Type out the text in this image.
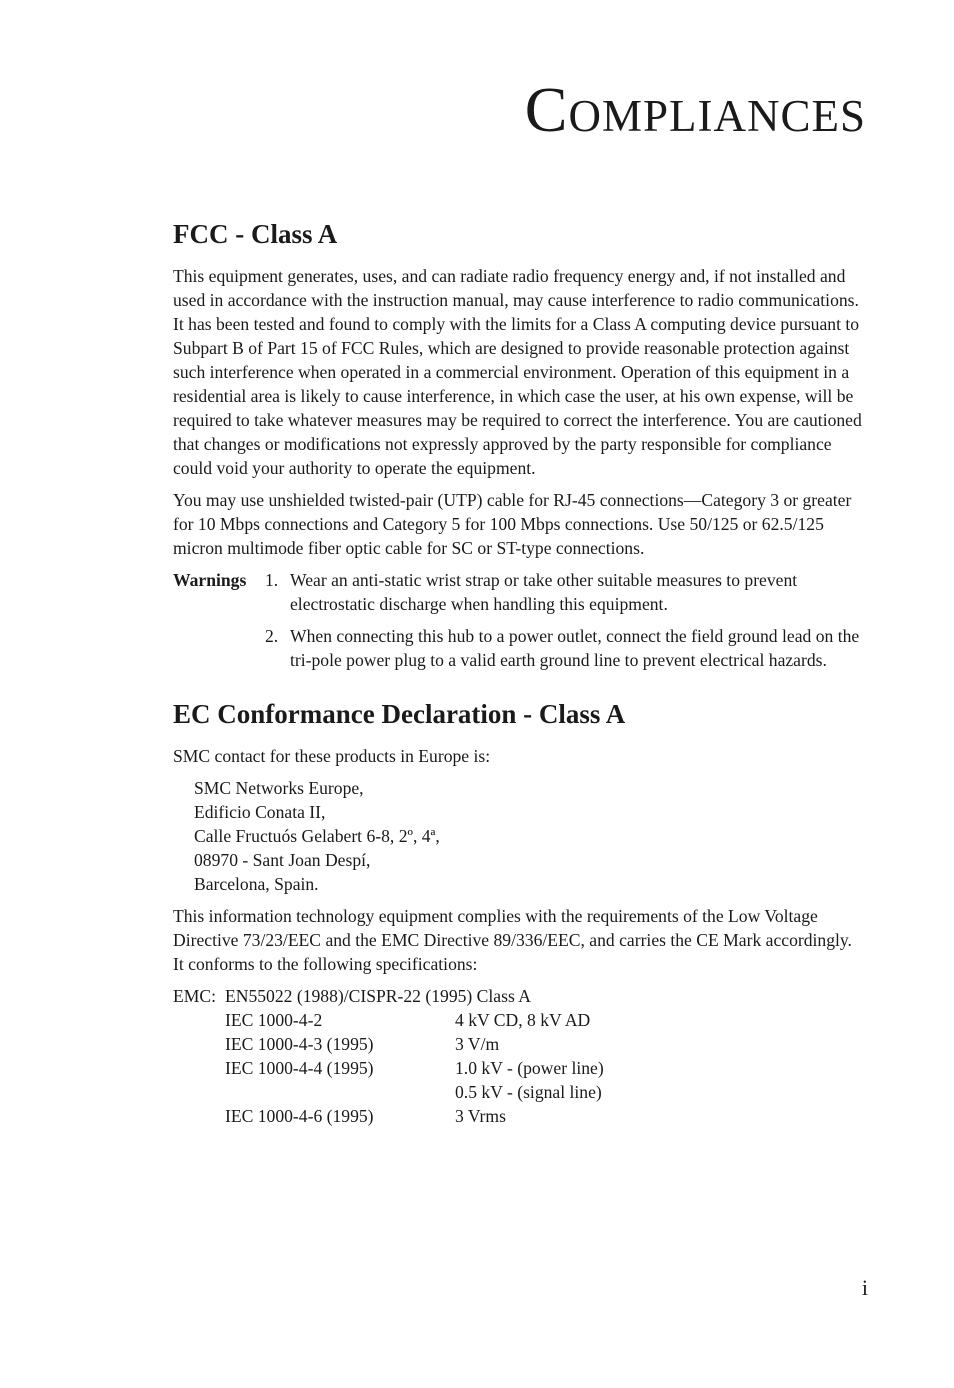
Compliances
FCC - Class A

This equipment generates, uses, and can radiate radio frequency energy and, if not installed and used in accordance with the instruction manual, may cause interference to radio communications. It has been tested and found to comply with the limits for a Class A computing device pursuant to Subpart B of Part 15 of FCC Rules, which are designed to provide reasonable protection against such interference when operated in a commercial environment. Operation of this equipment in a residential area is likely to cause interference, in which case the user, at his own expense, will be required to take whatever measures may be required to correct the interference. You are cautioned that changes or modifications not expressly approved by the party responsible for compliance could void your authority to operate the equipment.

You may use unshielded twisted-pair (UTP) cable for RJ-45 connections—Category 3 or greater for 10 Mbps connections and Category 5 for 100 Mbps connections. Use 50/125 or 62.5/125 micron multimode fiber optic cable for SC or ST-type connections.

Warnings	1. Wear an anti-static wrist strap or take other suitable measures to prevent electrostatic discharge when handling this equipment.
2. When connecting this hub to a power outlet, connect the field ground lead on the tri-pole power plug to a valid earth ground line to prevent electrical hazards.
EC Conformance Declaration - Class A

SMC contact for these products in Europe is:

SMC Networks Europe,
Edificio Conata II,
Calle Fructuós Gelabert 6-8, 2º, 4ª,
08970 - Sant Joan Despí,
Barcelona, Spain.

This information technology equipment complies with the requirements of the Low Voltage Directive 73/23/EEC and the EMC Directive 89/336/EEC, and carries the CE Mark accordingly. It conforms to the following specifications:

EMC: EN55022 (1988)/CISPR-22 (1995) Class A
IEC 1000-4-2	4 kV CD, 8 kV AD
IEC 1000-4-3 (1995)	3 V/m
IEC 1000-4-4 (1995)	1.0 kV - (power line)
0.5 kV - (signal line)
IEC 1000-4-6 (1995)	3 Vrms
i
